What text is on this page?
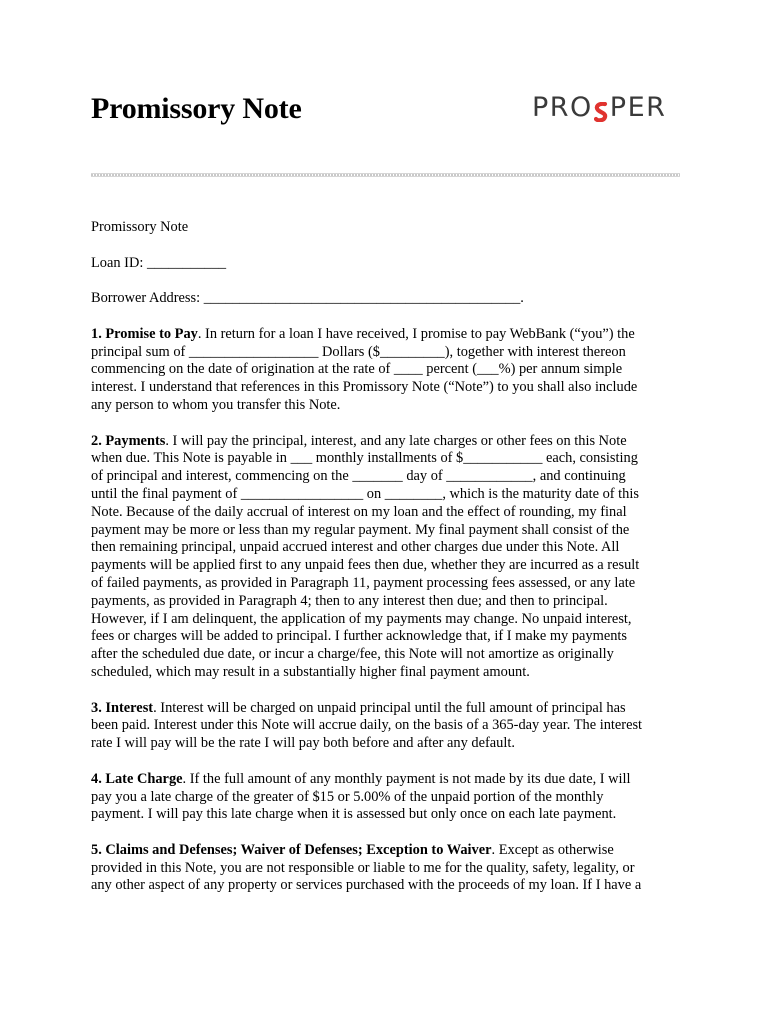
Promissory Note	PRO PER

Promissory Note

Loan ID: ___________

Borrower Address: ____________________________________________.

1. Promise to Pay. In return for a loan I have received, I promise to pay WebBank (“you”) the
principal sum of __________________ Dollars ($_________), together with interest thereon
commencing on the date of origination at the rate of ____ percent (___%) per annum simple
interest. I understand that references in this Promissory Note (“Note”) to you shall also include
any person to whom you transfer this Note.

2. Payments. I will pay the principal, interest, and any late charges or other fees on this Note
when due. This Note is payable in ___ monthly installments of $___________ each, consisting
of principal and interest, commencing on the _______ day of ____________, and continuing
until the final payment of _________________ on ________, which is the maturity date of this
Note. Because of the daily accrual of interest on my loan and the effect of rounding, my final
payment may be more or less than my regular payment. My final payment shall consist of the
then remaining principal, unpaid accrued interest and other charges due under this Note. All
payments will be applied first to any unpaid fees then due, whether they are incurred as a result
of failed payments, as provided in Paragraph 11, payment processing fees assessed, or any late
payments, as provided in Paragraph 4; then to any interest then due; and then to principal.
However, if I am delinquent, the application of my payments may change. No unpaid interest,
fees or charges will be added to principal. I further acknowledge that, if I make my payments
after the scheduled due date, or incur a charge/fee, this Note will not amortize as originally
scheduled, which may result in a substantially higher final payment amount.

3. Interest. Interest will be charged on unpaid principal until the full amount of principal has
been paid. Interest under this Note will accrue daily, on the basis of a 365-day year. The interest
rate I will pay will be the rate I will pay both before and after any default.

4. Late Charge. If the full amount of any monthly payment is not made by its due date, I will
pay you a late charge of the greater of $15 or 5.00% of the unpaid portion of the monthly
payment. I will pay this late charge when it is assessed but only once on each late payment.

5. Claims and Defenses; Waiver of Defenses; Exception to Waiver. Except as otherwise
provided in this Note, you are not responsible or liable to me for the quality, safety, legality, or
any other aspect of any property or services purchased with the proceeds of my loan. If I have a
